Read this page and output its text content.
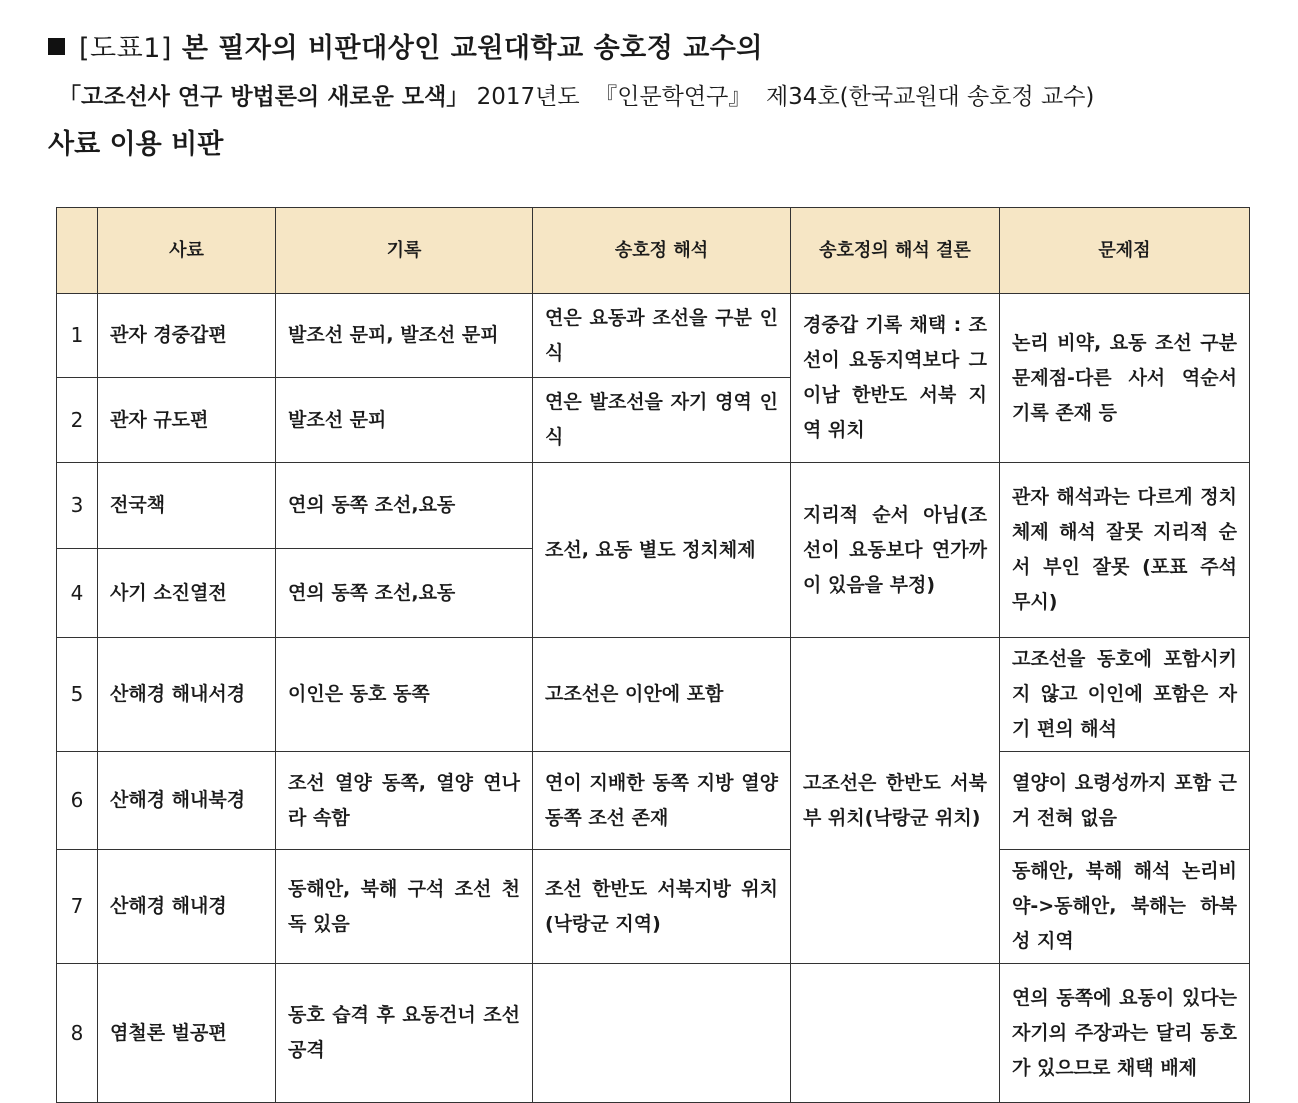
[도표1] 본 필자의 비판대상인 교원대학교 송호정 교수의
「고조선사 연구 방법론의 새로운 모색」 2017년도 『인문학연구』 제34호(한국교원대 송호정 교수)
사료 이용 비판
	사료	기록	송호정 해석	송호정의 해석 결론	문제점
1	관자 경중갑편	발조선 문피, 발조선 문피	연은 요동과 조선을 구분 인식	경중갑 기록 채택 : 조선이 요동지역보다 그 이남 한반도 서북 지역 위치	논리 비약, 요동 조선 구분 문제점-다른 사서 역순서 기록 존재 등
2	관자 규도편	발조선 문피	연은 발조선을 자기 영역 인식		
3	전국책	연의 동쪽 조선,요동	조선, 요동 별도 정치체제	지리적 순서 아님(조선이 요동보다 연가까이 있음을 부정)	관자 해석과는 다르게 정치체제 해석 잘못 지리적 순서 부인 잘못 (포표 주석 무시)
4	사기 소진열전	연의 동쪽 조선,요동			
5	산해경 해내서경	이인은 동호 동쪽	고조선은 이안에 포함	고조선은 한반도 서북부 위치(낙랑군 위치)	고조선을 동호에 포함시키지 않고 이인에 포함은 자기 편의 해석
6	산해경 해내북경	조선 열양 동쪽, 열양 연나라 속함	연이 지배한 동쪽 지방 열양 동쪽 조선 존재		열양이 요령성까지 포함 근거 전혀 없음
7	산해경 해내경	동해안, 북해 구석 조선 천독 있음	조선 한반도 서북지방 위치(낙랑군 지역)		동해안, 북해 해석 논리비약->동해안, 북해는 하북성 지역
8	염철론 벌공편	동호 습격 후 요동건너 조선 공격			연의 동쪽에 요동이 있다는 자기의 주장과는 달리 동호가 있으므로 채택 배제
